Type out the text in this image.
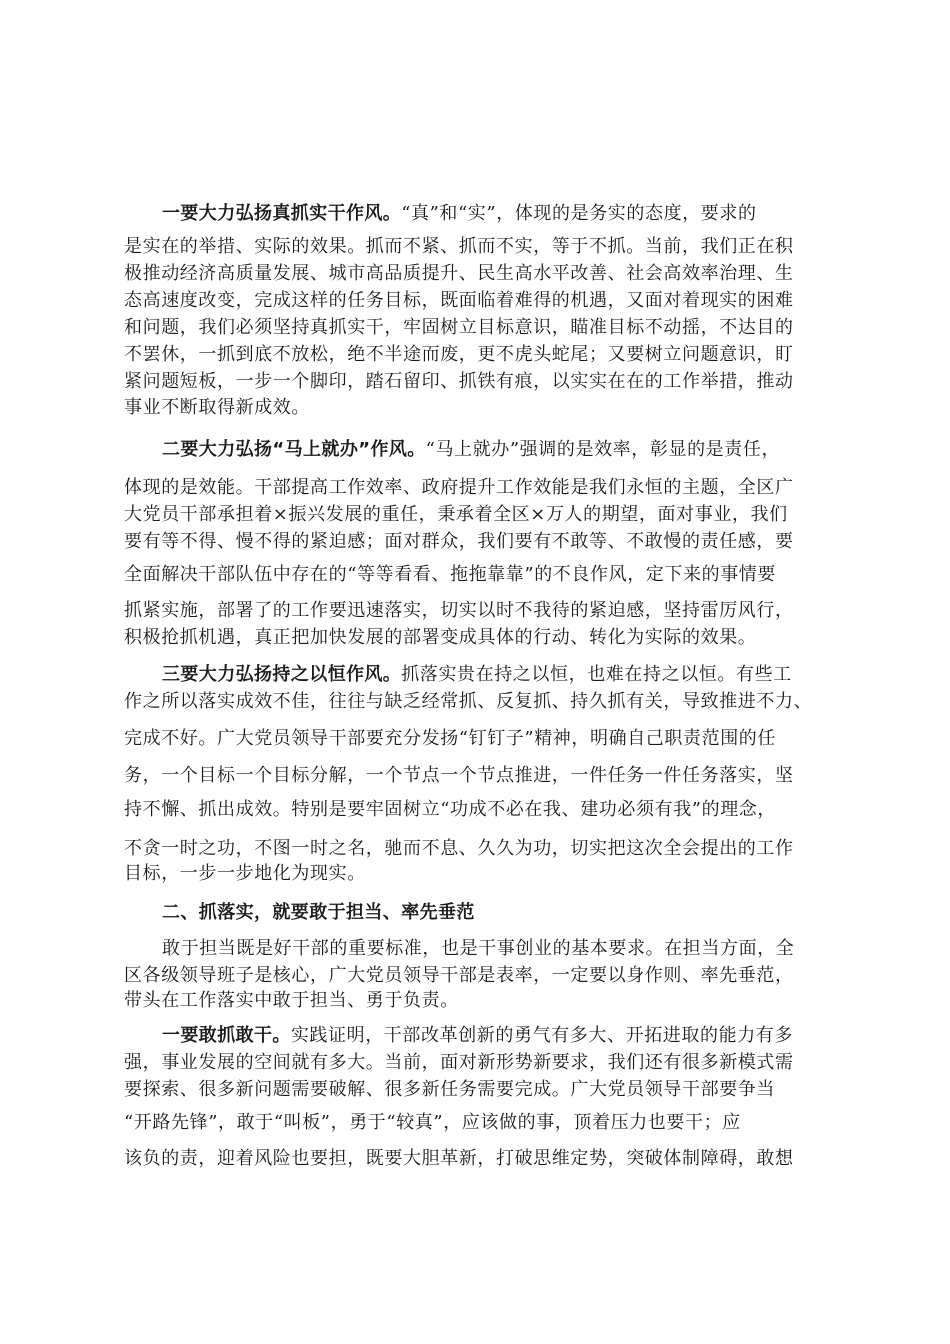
一要大力弘扬真抓实干作风。“真”和“实”，体现的是务实的态度，要求的
是实在的举措、实际的效果。抓而不紧、抓而不实，等于不抓。当前，我们正在积
极推动经济高质量发展、城市高品质提升、民生高水平改善、社会高效率治理、生
态高速度改变，完成这样的任务目标，既面临着难得的机遇，又面对着现实的困难
和问题，我们必须坚持真抓实干，牢固树立目标意识，瞄准目标不动摇，不达目的
不罢休，一抓到底不放松，绝不半途而废，更不虎头蛇尾；又要树立问题意识，盯
紧问题短板，一步一个脚印，踏石留印、抓铁有痕，以实实在在的工作举措，推动
事业不断取得新成效。
二要大力弘扬“马上就办”作风。“马上就办”强调的是效率，彰显的是责任，
体现的是效能。干部提高工作效率、政府提升工作效能是我们永恒的主题，全区广
大党员干部承担着×振兴发展的重任，秉承着全区×万人的期望，面对事业，我们
要有等不得、慢不得的紧迫感；面对群众，我们要有不敢等、不敢慢的责任感，要
全面解决干部队伍中存在的“等等看看、拖拖靠靠”的不良作风，定下来的事情要
抓紧实施，部署了的工作要迅速落实，切实以时不我待的紧迫感，坚持雷厉风行，
积极抢抓机遇，真正把加快发展的部署变成具体的行动、转化为实际的效果。
三要大力弘扬持之以恒作风。抓落实贵在持之以恒，也难在持之以恒。有些工
作之所以落实成效不佳，往往与缺乏经常抓、反复抓、持久抓有关，导致推进不力、
完成不好。广大党员领导干部要充分发扬“钉钉子”精神，明确自己职责范围的任
务，一个目标一个目标分解，一个节点一个节点推进，一件任务一件任务落实，坚
持不懈、抓出成效。特别是要牢固树立“功成不必在我、建功必须有我”的理念，
不贪一时之功，不图一时之名，驰而不息、久久为功，切实把这次全会提出的工作
目标，一步一步地化为现实。
二、抓落实，就要敢于担当、率先垂范
敢于担当既是好干部的重要标准，也是干事创业的基本要求。在担当方面，全
区各级领导班子是核心，广大党员领导干部是表率，一定要以身作则、率先垂范，
带头在工作落实中敢于担当、勇于负责。
一要敢抓敢干。实践证明，干部改革创新的勇气有多大、开拓进取的能力有多
强，事业发展的空间就有多大。当前，面对新形势新要求，我们还有很多新模式需
要探索、很多新问题需要破解、很多新任务需要完成。广大党员领导干部要争当
“开路先锋”，敢于“叫板”，勇于“较真”，应该做的事，顶着压力也要干；应
该负的责，迎着风险也要担，既要大胆革新，打破思维定势，突破体制障碍，敢想
